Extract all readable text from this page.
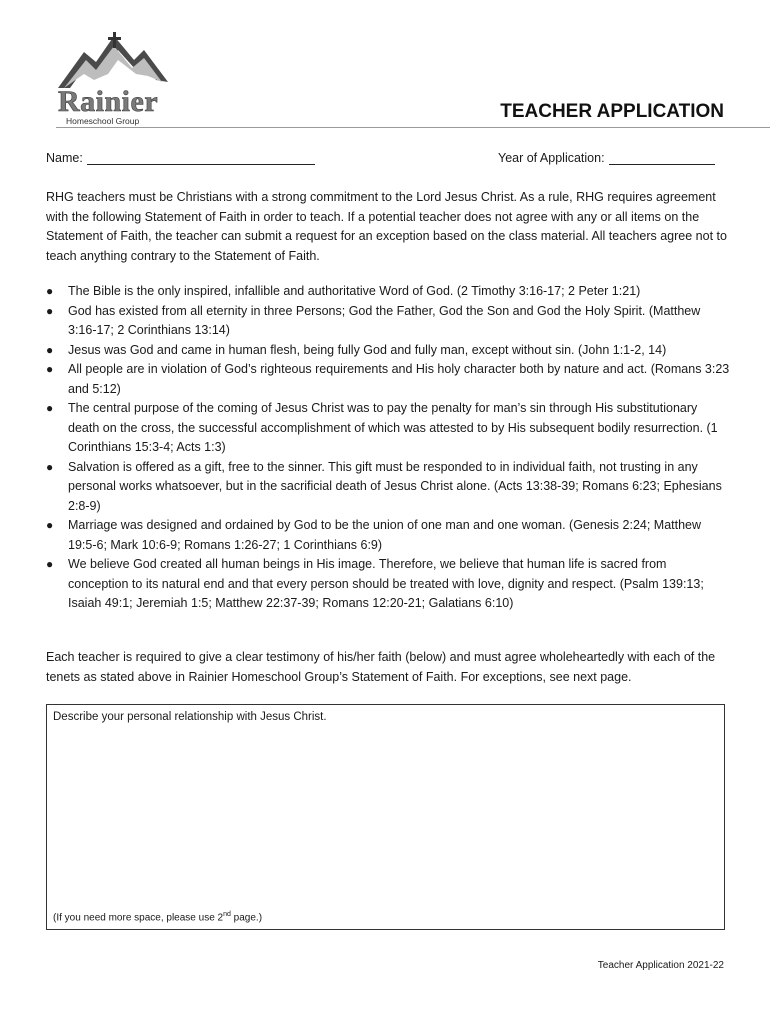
Rainier
Homeschool Group	TEACHER APPLICATION
Name:	Year of Application:
RHG teachers must be Christians with a strong commitment to the Lord Jesus Christ. As a rule, RHG requires agreement with the following Statement of Faith in order to teach. If a potential teacher does not agree with any or all items on the Statement of Faith, the teacher can submit a request for an exception based on the class material. All teachers agree not to teach anything contrary to the Statement of Faith.
● The Bible is the only inspired, infallible and authoritative Word of God. (2 Timothy 3:16-17; 2 Peter 1:21)
● God has existed from all eternity in three Persons; God the Father, God the Son and God the Holy Spirit. (Matthew 3:16-17; 2 Corinthians 13:14)
● Jesus was God and came in human flesh, being fully God and fully man, except without sin. (John 1:1-2, 14)
● All people are in violation of God’s righteous requirements and His holy character both by nature and act. (Romans 3:23 and 5:12)
● The central purpose of the coming of Jesus Christ was to pay the penalty for man’s sin through His substitutionary death on the cross, the successful accomplishment of which was attested to by His subsequent bodily resurrection. (1 Corinthians 15:3-4; Acts 1:3)
● Salvation is offered as a gift, free to the sinner. This gift must be responded to in individual faith, not trusting in any personal works whatsoever, but in the sacrificial death of Jesus Christ alone. (Acts 13:38-39; Romans 6:23; Ephesians 2:8-9)
● Marriage was designed and ordained by God to be the union of one man and one woman. (Genesis 2:24; Matthew 19:5-6; Mark 10:6-9; Romans 1:26-27; 1 Corinthians 6:9)
● We believe God created all human beings in His image. Therefore, we believe that human life is sacred from conception to its natural end and that every person should be treated with love, dignity and respect. (Psalm 139:13; Isaiah 49:1; Jeremiah 1:5; Matthew 22:37-39; Romans 12:20-21; Galatians 6:10)
Each teacher is required to give a clear testimony of his/her faith (below) and must agree wholeheartedly with each of the tenets as stated above in Rainier Homeschool Group’s Statement of Faith. For exceptions, see next page.
Describe your personal relationship with Jesus Christ.
(If you need more space, please use 2nd page.)
Teacher Application 2021-22
